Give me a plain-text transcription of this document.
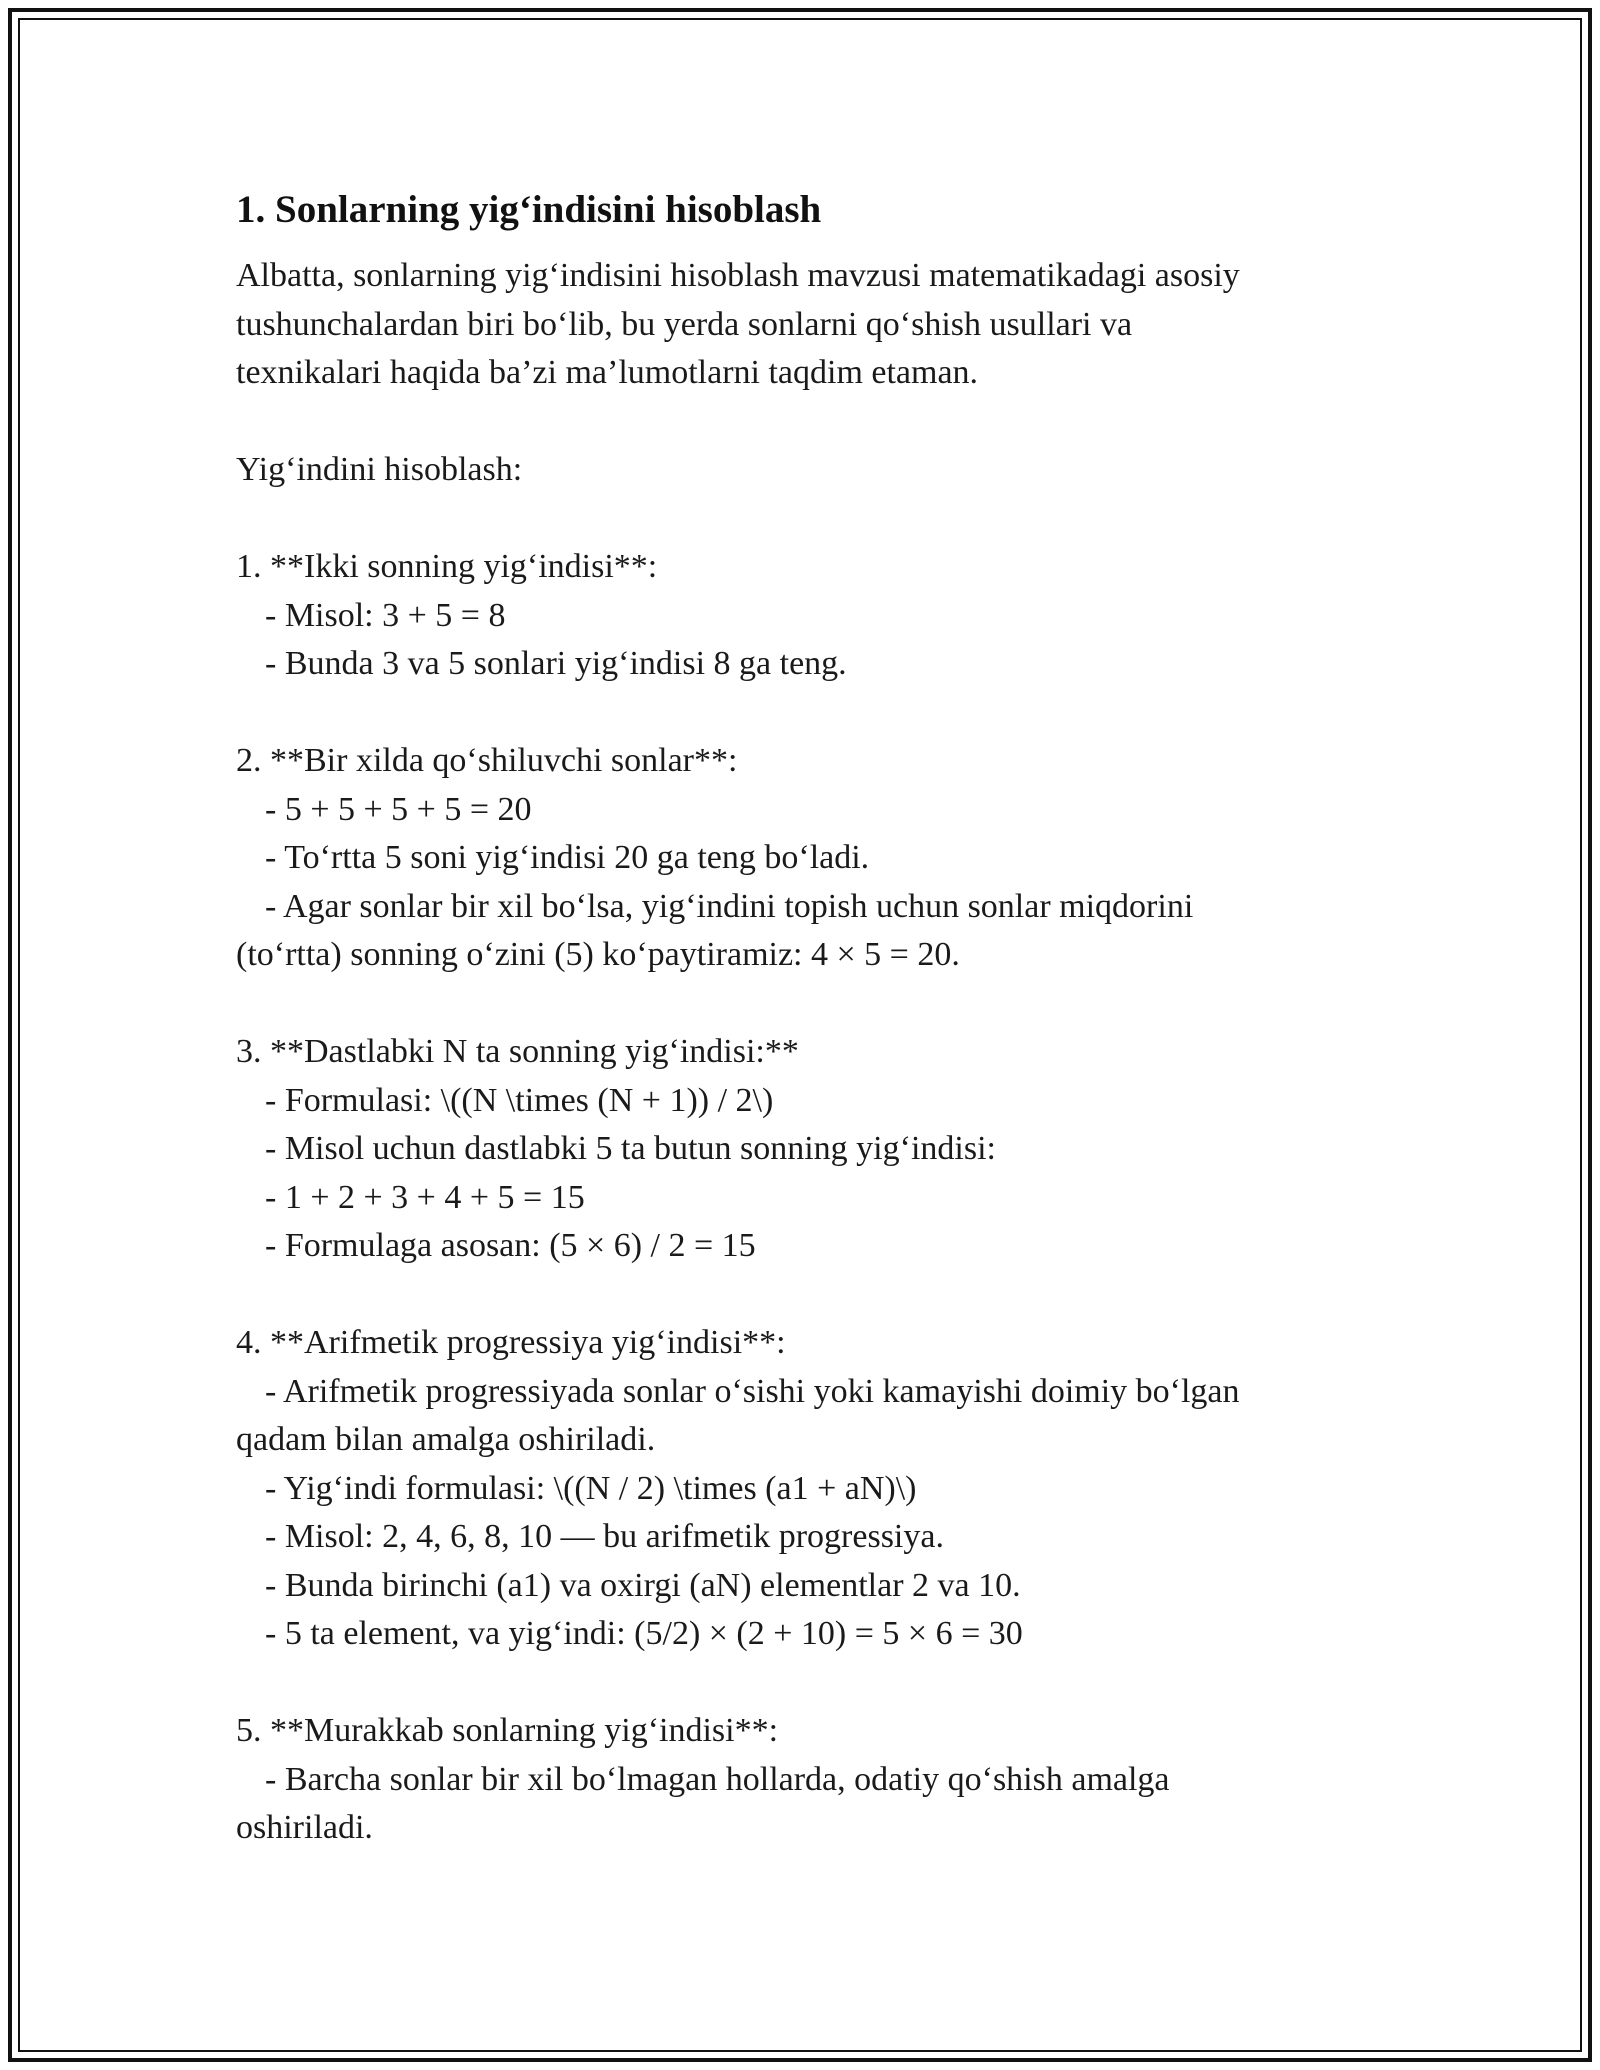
1. Sonlarning yig‘indisini hisoblash

Albatta, sonlarning yig‘indisini hisoblash mavzusi matematikadagi asosiy

tushunchalardan biri bo‘lib, bu yerda sonlarni qo‘shish usullari va

texnikalari haqida ba’zi ma’lumotlarni taqdim etaman.

Yig‘indini hisoblash:

1. **Ikki sonning yig‘indisi**:

- Misol: 3 + 5 = 8

- Bunda 3 va 5 sonlari yig‘indisi 8 ga teng.

2. **Bir xilda qo‘shiluvchi sonlar**:

- 5 + 5 + 5 + 5 = 20

- To‘rtta 5 soni yig‘indisi 20 ga teng bo‘ladi.

- Agar sonlar bir xil bo‘lsa, yig‘indini topish uchun sonlar miqdorini

(to‘rtta) sonning o‘zini (5) ko‘paytiramiz: 4 × 5 = 20.

3. **Dastlabki N ta sonning yig‘indisi:**

- Formulasi: \((N \times (N + 1)) / 2\)

- Misol uchun dastlabki 5 ta butun sonning yig‘indisi:

- 1 + 2 + 3 + 4 + 5 = 15

- Formulaga asosan: (5 × 6) / 2 = 15

4. **Arifmetik progressiya yig‘indisi**:

- Arifmetik progressiyada sonlar o‘sishi yoki kamayishi doimiy bo‘lgan

qadam bilan amalga oshiriladi.

- Yig‘indi formulasi: \((N / 2) \times (a1 + aN)\)

- Misol: 2, 4, 6, 8, 10 — bu arifmetik progressiya.

- Bunda birinchi (a1) va oxirgi (aN) elementlar 2 va 10.

- 5 ta element, va yig‘indi: (5/2) × (2 + 10) = 5 × 6 = 30

5. **Murakkab sonlarning yig‘indisi**:

- Barcha sonlar bir xil bo‘lmagan hollarda, odatiy qo‘shish amalga

oshiriladi.
